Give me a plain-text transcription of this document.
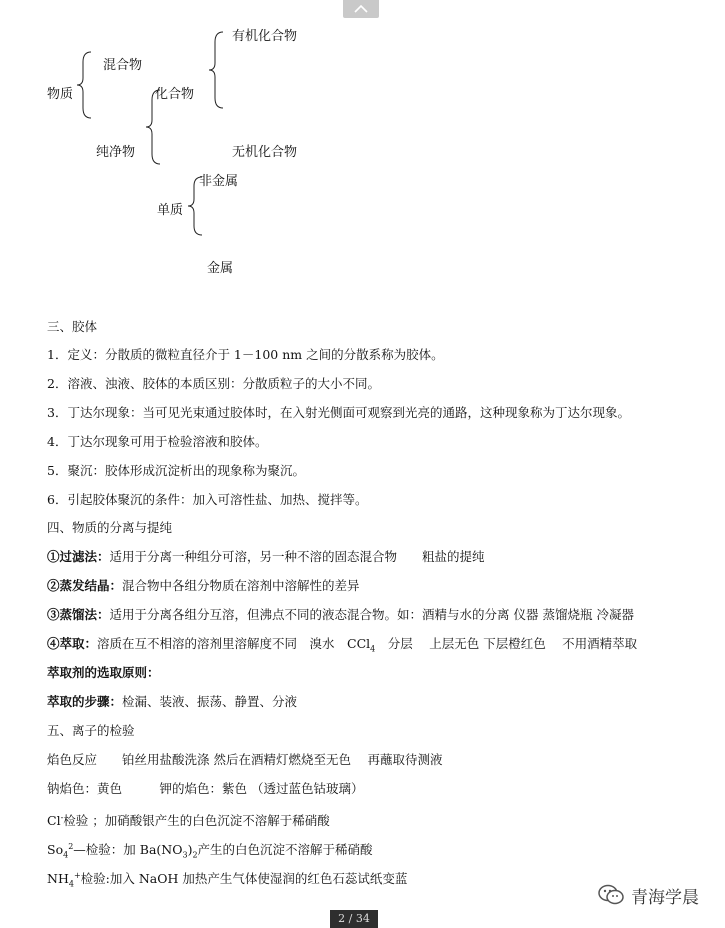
物质
混合物
化合物
有机化合物
无机化合物
纯净物
单质
非金属
金属
三、胶体
1．定义：分散质的微粒直径介于 1－100 nm 之间的分散系称为胶体。
2．溶液、浊液、胶体的本质区别：分散质粒子的大小不同。
3．丁达尔现象：当可见光束通过胶体时，在入射光侧面可观察到光亮的通路，这种现象称为丁达尔现象。
4．丁达尔现象可用于检验溶液和胶体。
5．聚沉：胶体形成沉淀析出的现象称为聚沉。
6．引起胶体聚沉的条件：加入可溶性盐、加热、搅拌等。
四、物质的分离与提纯
①过滤法：适用于分离一种组分可溶，另一种不溶的固态混合物　　粗盐的提纯
②蒸发结晶：混合物中各组分物质在溶剂中溶解性的差异
③蒸馏法：适用于分离各组分互溶，但沸点不同的液态混合物。如：酒精与水的分离 仪器 蒸馏烧瓶 冷凝器
④萃取：溶质在互不相溶的溶剂里溶解度不同　溴水　CCl$_4$　分层　 上层无色 下层橙红色　 不用酒精萃取
萃取剂的选取原则：
萃取的步骤：检漏、装液、振荡、静置、分液
五、离子的检验
焰色反应　　铂丝用盐酸洗涤 然后在酒精灯燃烧至无色　 再蘸取待测液
钠焰色：黄色　　　钾的焰色：紫色 （透过蓝色钴玻璃）
Cl-检验 ；加硝酸银产生的白色沉淀不溶解于稀硝酸
$So_4^2—$检验：加 $Ba(NO_3)_2$产生的白色沉淀不溶解于稀硝酸
$NH_4^+$检验:加入 NaOH 加热产生气体使湿润的红色石蕊试纸变蓝
青海学晨
2 / 34
